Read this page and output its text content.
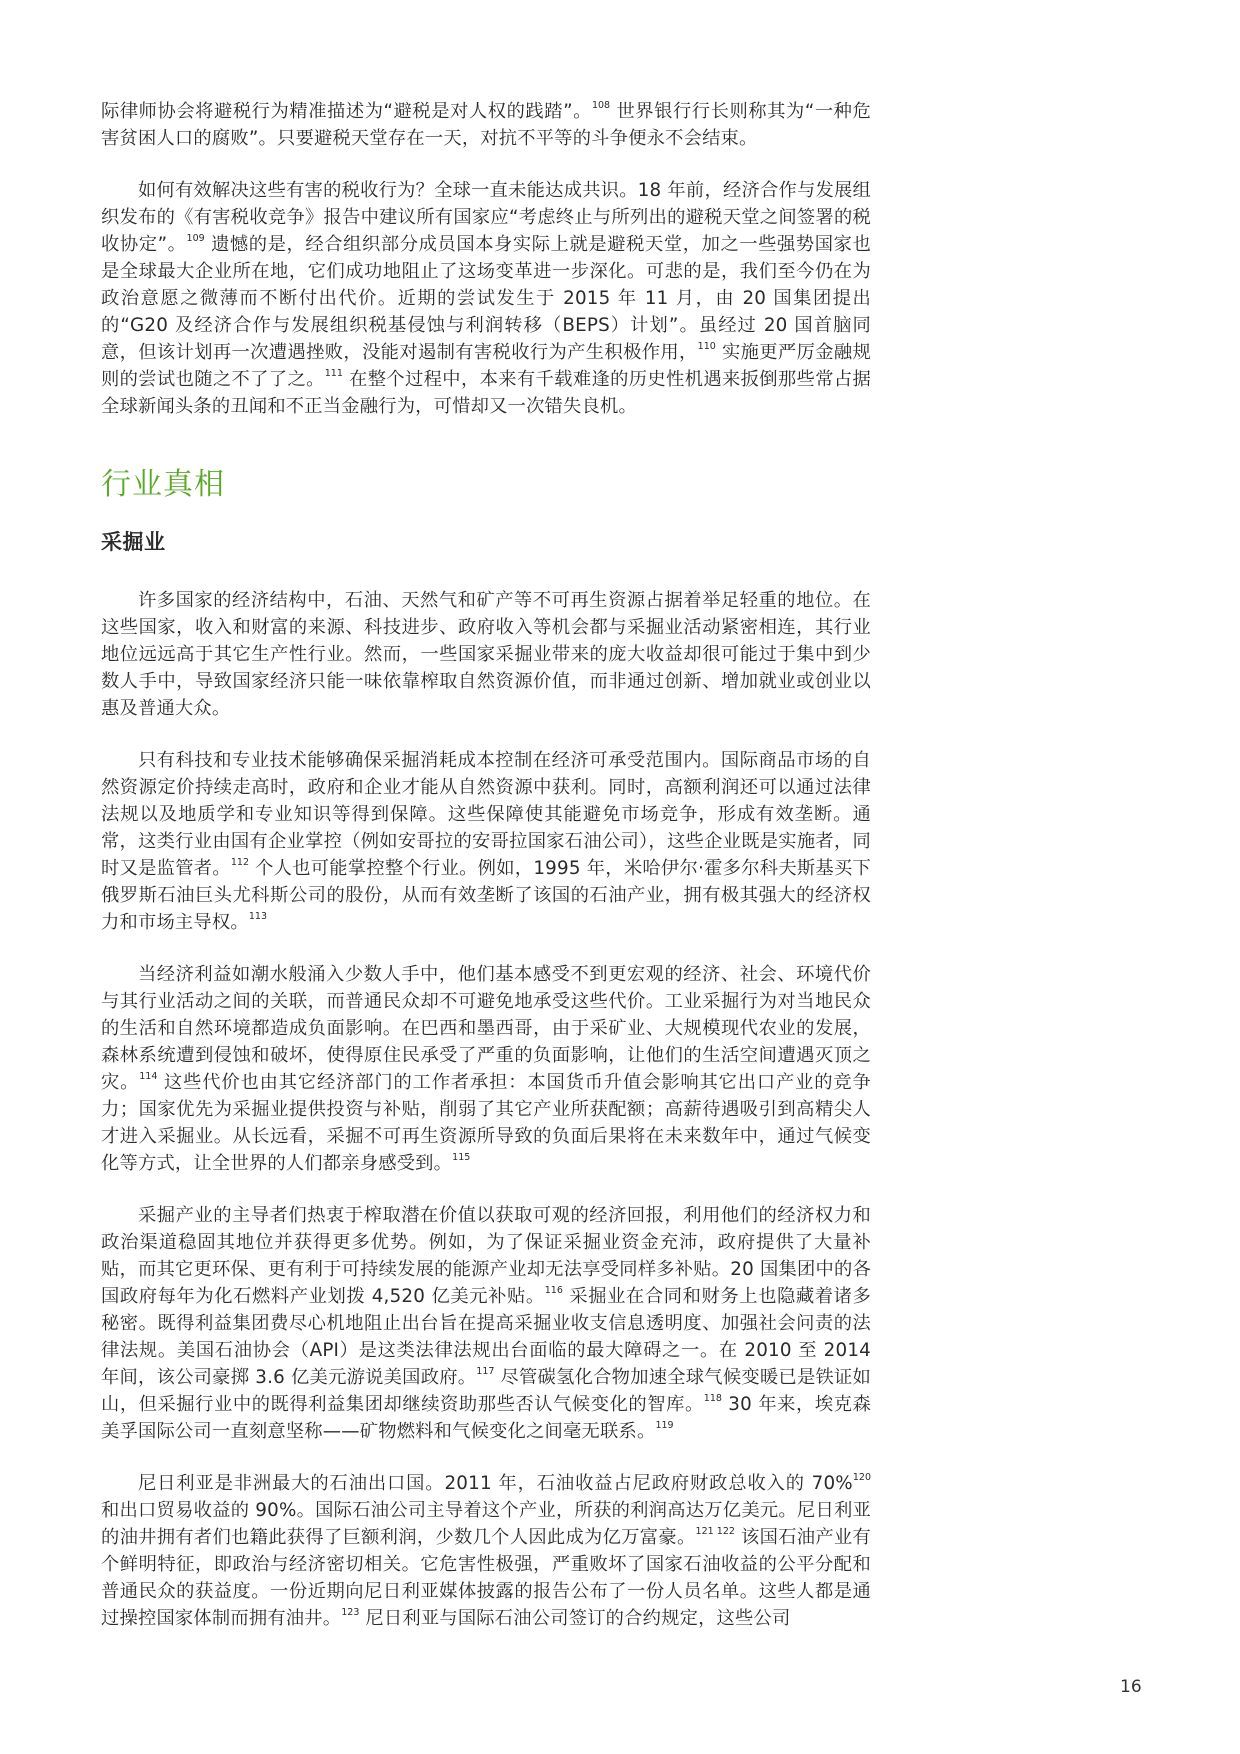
际律师协会将避税行为精准描述为“避税是对人权的践踏”。$^{108}$ 世界银行行长则称其为“一种危害贫困人口的腐败”。只要避税天堂存在一天，对抗不平等的斗争便永不会结束。

如何有效解决这些有害的税收行为？全球一直未能达成共识。18 年前，经济合作与发展组织发布的《有害税收竞争》报告中建议所有国家应“考虑终止与所列出的避税天堂之间签署的税收协定”。$^{109}$ 遗憾的是，经合组织部分成员国本身实际上就是避税天堂，加之一些强势国家也是全球最大企业所在地，它们成功地阻止了这场变革进一步深化。可悲的是，我们至今仍在为政治意愿之微薄而不断付出代价。近期的尝试发生于 2015 年 11 月，由 20 国集团提出的“G20 及经济合作与发展组织税基侵蚀与利润转移（BEPS）计划”。虽经过 20 国首脑同意，但该计划再一次遭遇挫败，没能对遏制有害税收行为产生积极作用，$^{110}$ 实施更严厉金融规则的尝试也随之不了了之。$^{111}$ 在整个过程中，本来有千载难逢的历史性机遇来扳倒那些常占据全球新闻头条的丑闻和不正当金融行为，可惜却又一次错失良机。

行业真相
采掘业

许多国家的经济结构中，石油、天然气和矿产等不可再生资源占据着举足轻重的地位。在这些国家，收入和财富的来源、科技进步、政府收入等机会都与采掘业活动紧密相连，其行业地位远远高于其它生产性行业。然而，一些国家采掘业带来的庞大收益却很可能过于集中到少数人手中，导致国家经济只能一味依靠榨取自然资源价值，而非通过创新、增加就业或创业以惠及普通大众。

只有科技和专业技术能够确保采掘消耗成本控制在经济可承受范围内。国际商品市场的自然资源定价持续走高时，政府和企业才能从自然资源中获利。同时，高额利润还可以通过法律法规以及地质学和专业知识等得到保障。这些保障使其能避免市场竞争，形成有效垄断。通常，这类行业由国有企业掌控（例如安哥拉的安哥拉国家石油公司），这些企业既是实施者，同时又是监管者。$^{112}$ 个人也可能掌控整个行业。例如，1995 年，米哈伊尔·霍多尔科夫斯基买下俄罗斯石油巨头尤科斯公司的股份，从而有效垄断了该国的石油产业，拥有极其强大的经济权力和市场主导权。$^{113}$

当经济利益如潮水般涌入少数人手中，他们基本感受不到更宏观的经济、社会、环境代价与其行业活动之间的关联，而普通民众却不可避免地承受这些代价。工业采掘行为对当地民众的生活和自然环境都造成负面影响。在巴西和墨西哥，由于采矿业、大规模现代农业的发展，森林系统遭到侵蚀和破坏，使得原住民承受了严重的负面影响，让他们的生活空间遭遇灭顶之灾。$^{114}$ 这些代价也由其它经济部门的工作者承担：本国货币升值会影响其它出口产业的竞争力；国家优先为采掘业提供投资与补贴，削弱了其它产业所获配额；高薪待遇吸引到高精尖人才进入采掘业。从长远看，采掘不可再生资源所导致的负面后果将在未来数年中，通过气候变化等方式，让全世界的人们都亲身感受到。$^{115}$

采掘产业的主导者们热衷于榨取潜在价值以获取可观的经济回报，利用他们的经济权力和政治渠道稳固其地位并获得更多优势。例如，为了保证采掘业资金充沛，政府提供了大量补贴，而其它更环保、更有利于可持续发展的能源产业却无法享受同样多补贴。20 国集团中的各国政府每年为化石燃料产业划拨 4,520 亿美元补贴。$^{116}$ 采掘业在合同和财务上也隐藏着诸多秘密。既得利益集团费尽心机地阻止出台旨在提高采掘业收支信息透明度、加强社会问责的法律法规。美国石油协会（API）是这类法律法规出台面临的最大障碍之一。在 2010 至 2014 年间，该公司豪掷 3.6 亿美元游说美国政府。$^{117}$ 尽管碳氢化合物加速全球气候变暖已是铁证如山，但采掘行业中的既得利益集团却继续资助那些否认气候变化的智库。$^{118}$ 30 年来，埃克森美孚国际公司一直刻意坚称——矿物燃料和气候变化之间毫无联系。$^{119}$

尼日利亚是非洲最大的石油出口国。2011 年，石油收益占尼政府财政总收入的 70%$^{120}$ 和出口贸易收益的 90%。国际石油公司主导着这个产业，所获的利润高达万亿美元。尼日利亚的油井拥有者们也籍此获得了巨额利润，少数几个人因此成为亿万富豪。$^{121 122}$ 该国石油产业有个鲜明特征，即政治与经济密切相关。它危害性极强，严重败坏了国家石油收益的公平分配和普通民众的获益度。一份近期向尼日利亚媒体披露的报告公布了一份人员名单。这些人都是通过操控国家体制而拥有油井。$^{123}$ 尼日利亚与国际石油公司签订的合约规定，这些公司

16
